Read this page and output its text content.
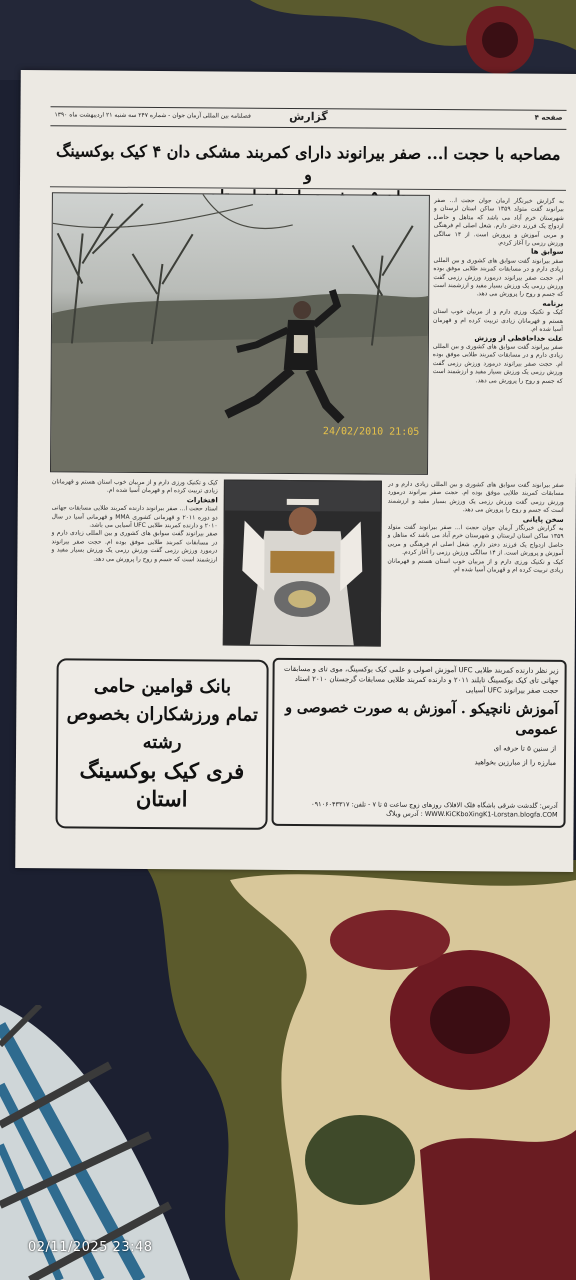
صفحه ۴
گزارش
فصلنامه بین المللی آرمان جوان - شماره ۲۴۷ سه شنبه ۲۱ اردیبهشت ماه ۱۳۹۰
مصاحبه با حجت ا... صفر بیرانوند دارای کمربند مشکی دان ۴ کیک بوکسینگ و
24/02/2010 21:05
به گزارش خبرنگار آرمان جوان حجت ا... صفر بیرانوند گفت متولد ۱۳۵۹ ساکن استان لرستان و شهرستان خرم آباد می باشد که متاهل و حاصل ازدواج یک فرزند دختر دارم. شغل اصلی ام فرهنگی و مربی آموزش و پرورش است. از ۱۴ سالگی ورزش رزمی را آغاز کردم.
سوابق ها
صفر بیرانوند گفت سوابق های کشوری و بین المللی زیادی دارم و در مسابقات کمربند طلایی موفق بوده ام. حجت صفر بیرانوند درمورد ورزش رزمی گفت ورزش رزمی یک ورزش بسیار مفید و ارزشمند است که جسم و روح را پرورش می دهد.
برنامه
کیک و تکنیک ورزی دارم و از مربیان خوب استان هستم و قهرمانان زیادی تربیت کرده ام و قهرمان آسیا شده ام.
علت خداحافظی از ورزش
صفر بیرانوند گفت سوابق های کشوری و بین المللی زیادی دارم و در مسابقات کمربند طلایی موفق بوده ام. حجت صفر بیرانوند درمورد ورزش رزمی گفت ورزش رزمی یک ورزش بسیار مفید و ارزشمند است که جسم و روح را پرورش می دهد.
کیک و تکنیک ورزی دارم و از مربیان خوب استان هستم و قهرمانان زیادی تربیت کرده ام و قهرمان آسیا شده ام.
افتخارات
استاد حجت ا... صفر بیرانوند دارنده کمربند طلایی مسابقات جهانی دو دوره ۲۰۱۱ و قهرمانی کشوری MMA و قهرمانی آسیا در سال ۲۰۱۰ و دارنده کمربند طلایی UFC آسیایی می باشد.
صفر بیرانوند گفت سوابق های کشوری و بین المللی زیادی دارم و در مسابقات کمربند طلایی موفق بوده ام. حجت صفر بیرانوند درمورد ورزش رزمی گفت ورزش رزمی یک ورزش بسیار مفید و ارزشمند است که جسم و روح را پرورش می دهد.
صفر بیرانوند گفت سوابق های کشوری و بین المللی زیادی دارم و در مسابقات کمربند طلایی موفق بوده ام. حجت صفر بیرانوند درمورد ورزش رزمی گفت ورزش رزمی یک ورزش بسیار مفید و ارزشمند است که جسم و روح را پرورش می دهد.
سخن پایانی
به گزارش خبرنگار آرمان جوان حجت ا... صفر بیرانوند گفت متولد ۱۳۵۹ ساکن استان لرستان و شهرستان خرم آباد می باشد که متاهل و حاصل ازدواج یک فرزند دختر دارم. شغل اصلی ام فرهنگی و مربی آموزش و پرورش است. از ۱۴ سالگی ورزش رزمی را آغاز کردم.
کیک و تکنیک ورزی دارم و از مربیان خوب استان هستم و قهرمانان زیادی تربیت کرده ام و قهرمان آسیا شده ام.
بانک قوامین حامی
تمام ورزشکاران بخصوص
رشته
فری کیک بوکسینگ
استان
زیر نظر دارنده کمربند طلایی UFC آموزش اصولی و علمی کیک بوکسینگ، موی تای و مسابقات جهانی تای کیک بوکسینگ تایلند ۲۰۱۱ و دارنده کمربند طلایی مسابقات گرجستان ۲۰۱۰ استاد حجت صفر بیرانوند UFC آسیایی
آموزش نانچیکو . آموزش به صورت خصوصی و عمومی
از سنین ۵ تا حرفه ای
مبارزه را از مبارزین بخواهید
آدرس: گلدشت شرقی باشگاه فلک الافلاک روزهای زوج ساعت ۵ تا ۷ - تلفن: ۰۹۱۰۶۰۴۳۳۱۷
WWW.KiCKboXingK1-Lorstan.blogfa.COM : آدرس وبلاگ
02/11/2025 23:48
